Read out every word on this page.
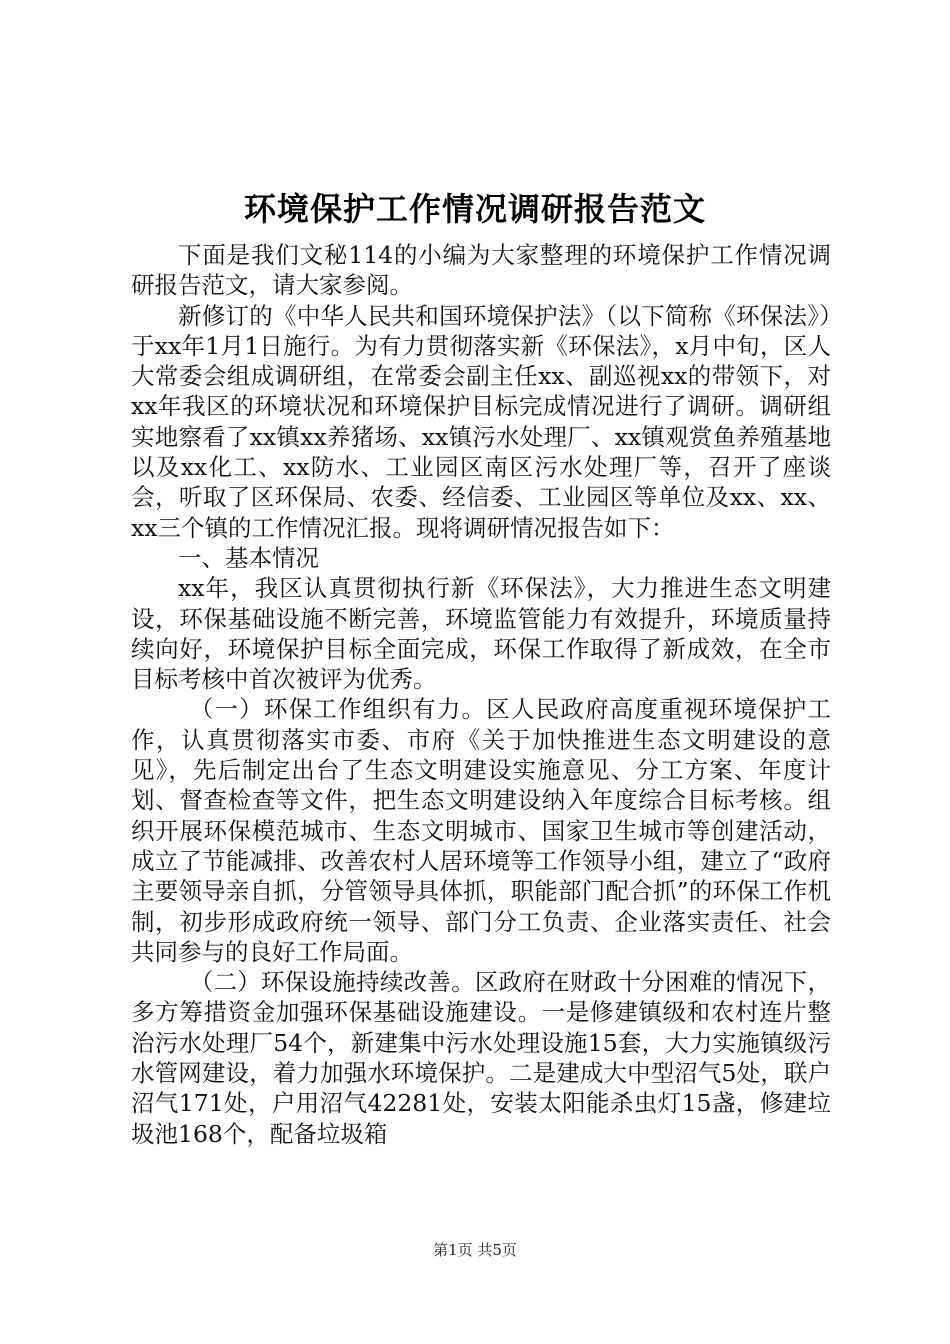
环境保护工作情况调研报告范文

下面是我们文秘114的小编为大家整理的环境保护工作情况调研报告范文，请大家参阅。

新修订的《中华人民共和国环境保护法》（以下简称《环保法》）于xx年1月1日施行。为有力贯彻落实新《环保法》，x月中旬，区人大常委会组成调研组，在常委会副主任xx、副巡视xx的带领下，对xx年我区的环境状况和环境保护目标完成情况进行了调研。调研组实地察看了xx镇xx养猪场、xx镇污水处理厂、xx镇观赏鱼养殖基地以及xx化工、xx防水、工业园区南区污水处理厂等，召开了座谈会，听取了区环保局、农委、经信委、工业园区等单位及xx、xx、xx三个镇的工作情况汇报。现将调研情况报告如下：

一、基本情况

xx年，我区认真贯彻执行新《环保法》，大力推进生态文明建设，环保基础设施不断完善，环境监管能力有效提升，环境质量持续向好，环境保护目标全面完成，环保工作取得了新成效，在全市目标考核中首次被评为优秀。

（一）环保工作组织有力。区人民政府高度重视环境保护工作，认真贯彻落实市委、市府《关于加快推进生态文明建设的意见》，先后制定出台了生态文明建设实施意见、分工方案、年度计划、督查检查等文件，把生态文明建设纳入年度综合目标考核。组织开展环保模范城市、生态文明城市、国家卫生城市等创建活动，成立了节能减排、改善农村人居环境等工作领导小组，建立了“政府主要领导亲自抓，分管领导具体抓，职能部门配合抓”的环保工作机制，初步形成政府统一领导、部门分工负责、企业落实责任、社会共同参与的良好工作局面。

（二）环保设施持续改善。区政府在财政十分困难的情况下，多方筹措资金加强环保基础设施建设。一是修建镇级和农村连片整治污水处理厂54个，新建集中污水处理设施15套，大力实施镇级污水管网建设，着力加强水环境保护。二是建成大中型沼气5处，联户沼气171处，户用沼气42281处，安装太阳能杀虫灯15盏，修建垃圾池168个，配备垃圾箱

第1页 共5页
